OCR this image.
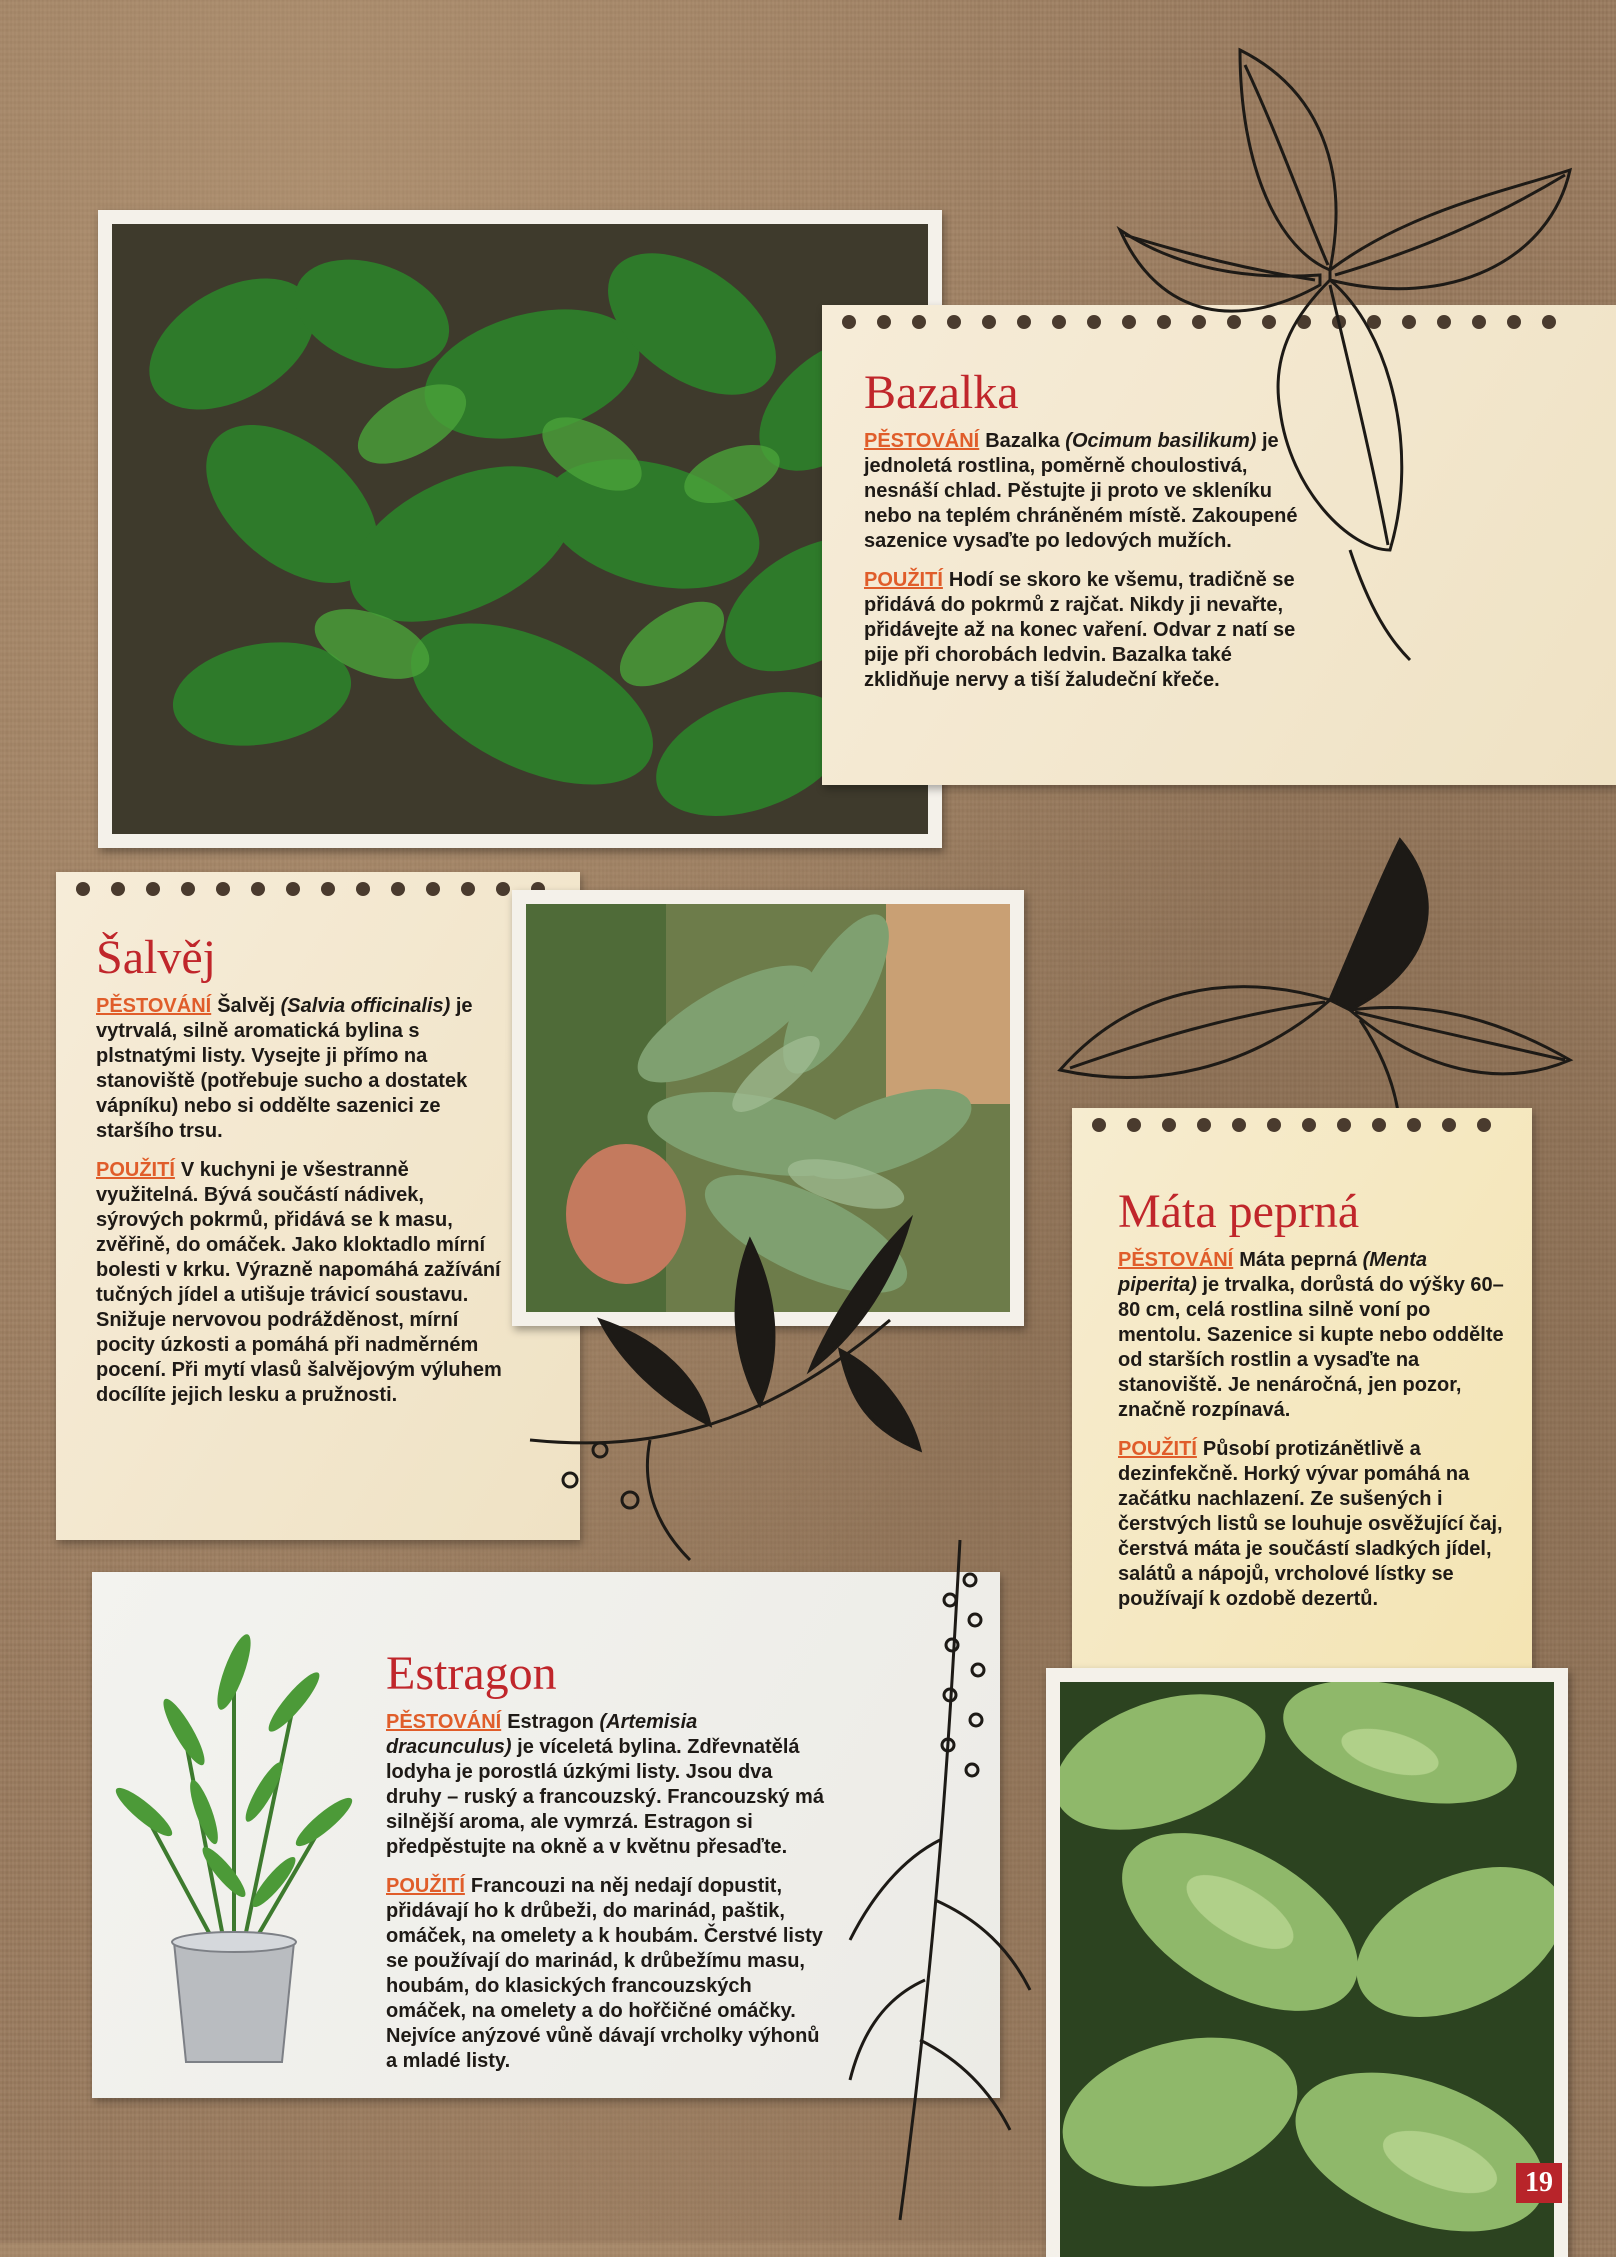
Bazalka

PĚSTOVÁNÍ Bazalka (Ocimum basilikum) je jednoletá rostlina, poměrně choulostivá, nesnáší chlad. Pěstujte ji proto ve skleníku nebo na teplém chráněném místě. Zakoupené sazenice vysaďte po ledových mužích.

POUŽITÍ Hodí se skoro ke všemu, tradičně se přidává do pokrmů z rajčat. Nikdy ji nevařte, přidávejte až na konec vaření. Odvar z natí se pije při chorobách ledvin. Bazalka také zklidňuje nervy a tiší žaludeční křeče.

Šalvěj

PĚSTOVÁNÍ Šalvěj (Salvia officinalis) je vytrvalá, silně aromatická bylina s plstnatými listy. Vysejte ji přímo na stanoviště (potřebuje sucho a dostatek vápníku) nebo si oddělte sazenici ze staršího trsu.

POUŽITÍ V kuchyni je všestranně využitelná. Bývá součástí nádivek, sýrových pokrmů, přidává se k masu, zvěřině, do omáček. Jako kloktadlo mírní bolesti v krku. Výrazně napomáhá zažívání tučných jídel a utišuje trávicí soustavu. Snižuje nervovou podrážděnost, mírní pocity úzkosti a pomáhá při nadměrném pocení. Při mytí vlasů šalvějovým výluhem docílíte jejich lesku a pružnosti.

Máta peprná

PĚSTOVÁNÍ Máta peprná (Menta piperita) je trvalka, dorůstá do výšky 60–80 cm, celá rostlina silně voní po mentolu. Sazenice si kupte nebo oddělte od starších rostlin a vysaďte na stanoviště. Je nenáročná, jen pozor, značně rozpínavá.

POUŽITÍ Působí protizánětlivě a dezinfekčně. Horký vývar pomáhá na začátku nachlazení. Ze sušených i čerstvých listů se louhuje osvěžující čaj, čerstvá máta je součástí sladkých jídel, salátů a nápojů, vrcholové lístky se používají k ozdobě dezertů.

Estragon

PĚSTOVÁNÍ Estragon (Artemisia dracunculus) je víceletá bylina. Zdřevnatělá lodyha je porostlá úzkými listy. Jsou dva druhy – ruský a francouzský. Francouzský má silnější aroma, ale vymrzá. Estragon si předpěstujte na okně a v květnu přesaďte.

POUŽITÍ Francouzi na něj nedají dopustit, přidávají ho k drůbeži, do marinád, paštik, omáček, na omelety a k houbám. Čerstvé listy se používají do marinád, k drůbežímu masu, houbám, do klasických francouzských omáček, na omelety a do hořčičné omáčky. Nejvíce anýzové vůně dávají vrcholky výhonů a mladé listy.

19
